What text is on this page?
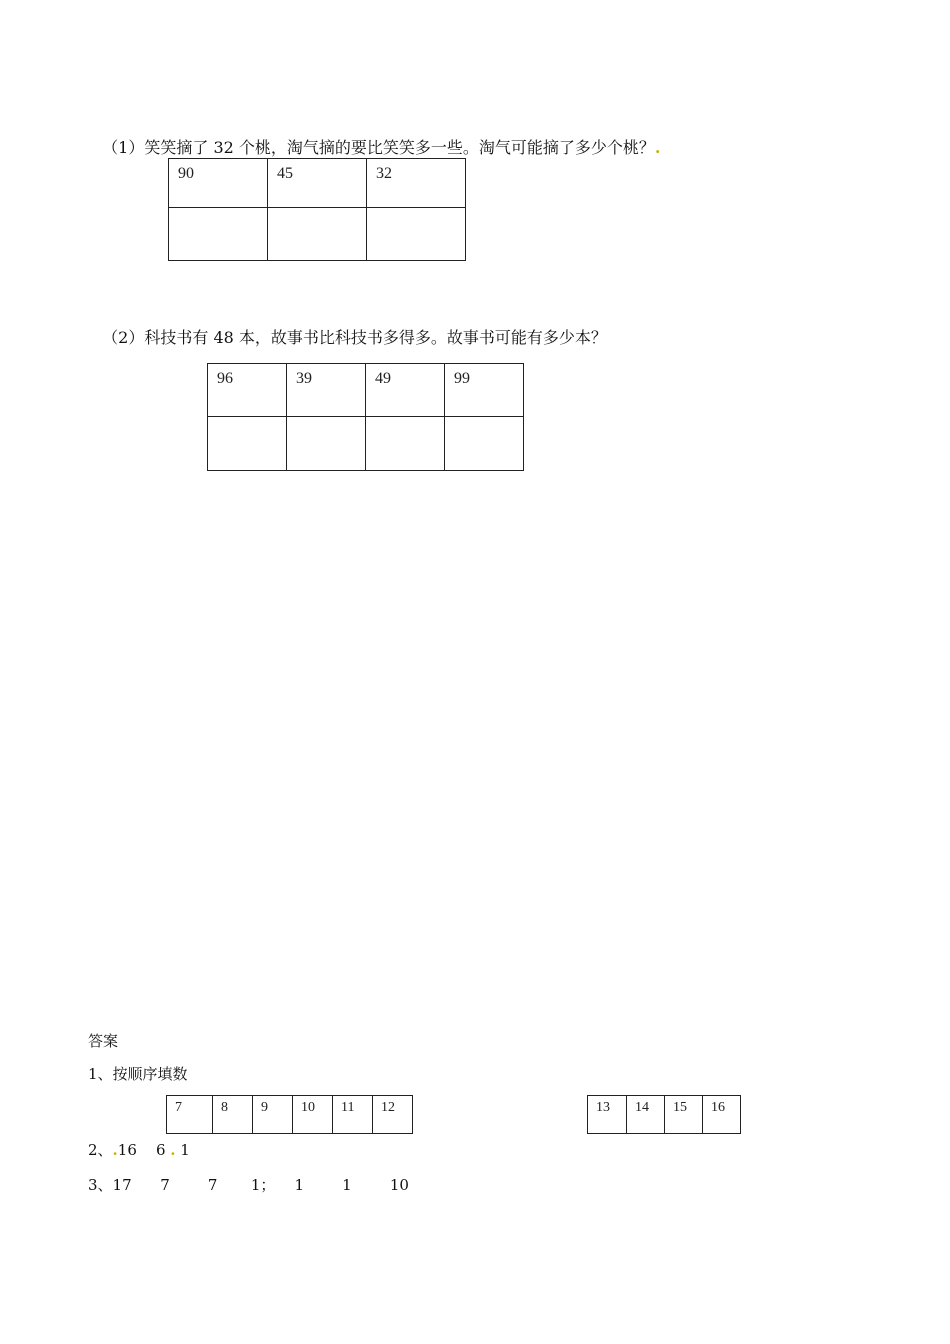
（1）笑笑摘了 32 个桃，淘气摘的要比笑笑多一些。淘气可能摘了多少个桃？.

90	45	32

（2）科技书有 48 本，故事书比科技书多得多。故事书可能有多少本？

96	39	49	99

答案
1、按顺序填数
7	8	9	10	11	12	13	14	15	16
2、.16    6 . 1
3、17      7        7       1；    1        1        10
